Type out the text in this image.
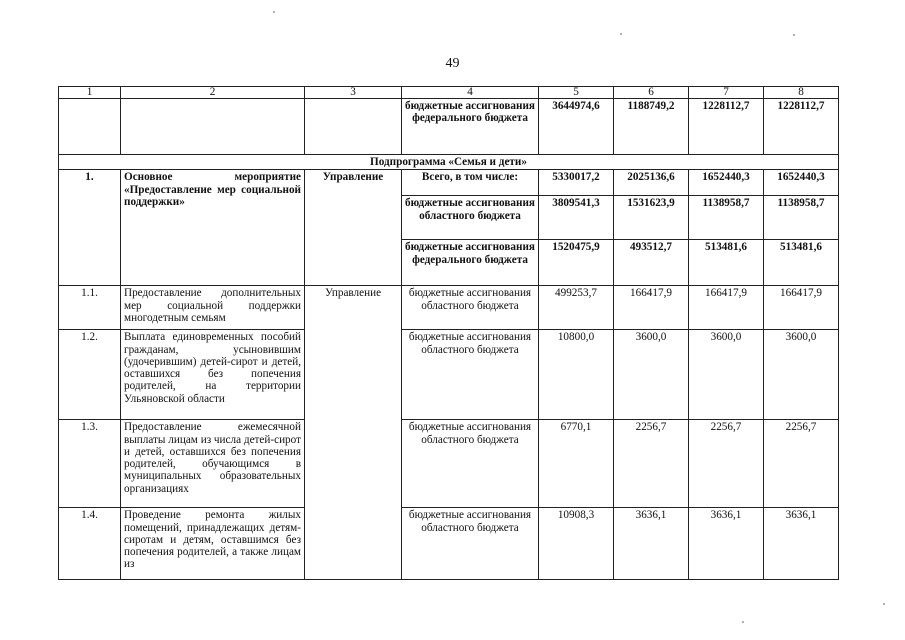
49
1	2	3	4	5	6	7	8
			бюджетные ассигнования федерального бюджета	3644974,6	1188749,2	1228112,7	1228112,7
Подпрограмма «Семья и дети»							
1.	Основное мероприятие «Предоставление мер социальной поддержки»	Управление	Всего, в том числе:	5330017,2	2025136,6	1652440,3	1652440,3
			бюджетные ассигнования областного бюджета	3809541,3	1531623,9	1138958,7	1138958,7
			бюджетные ассигнования федерального бюджета	1520475,9	493512,7	513481,6	513481,6
1.1.	Предоставление дополнительных мер социальной поддержки многодетным семьям	Управление	бюджетные ассигнования областного бюджета	499253,7	166417,9	166417,9	166417,9
1.2.	Выплата единовременных пособий гражданам, усыновившим (удочерившим) детей-сирот и детей, оставшихся без попечения родителей, на территории Ульяновской области		бюджетные ассигнования областного бюджета	10800,0	3600,0	3600,0	3600,0
1.3.	Предоставление ежемесячной выплаты лицам из числа детей-сирот и детей, оставшихся без попечения родителей, обучающимся в муниципальных образовательных организациях		бюджетные ассигнования областного бюджета	6770,1	2256,7	2256,7	2256,7
1.4.	Проведение ремонта жилых помещений, принадлежащих детям-сиротам и детям, оставшимся без попечения родителей, а также лицам из		бюджетные ассигнования областного бюджета	10908,3	3636,1	3636,1	3636,1
